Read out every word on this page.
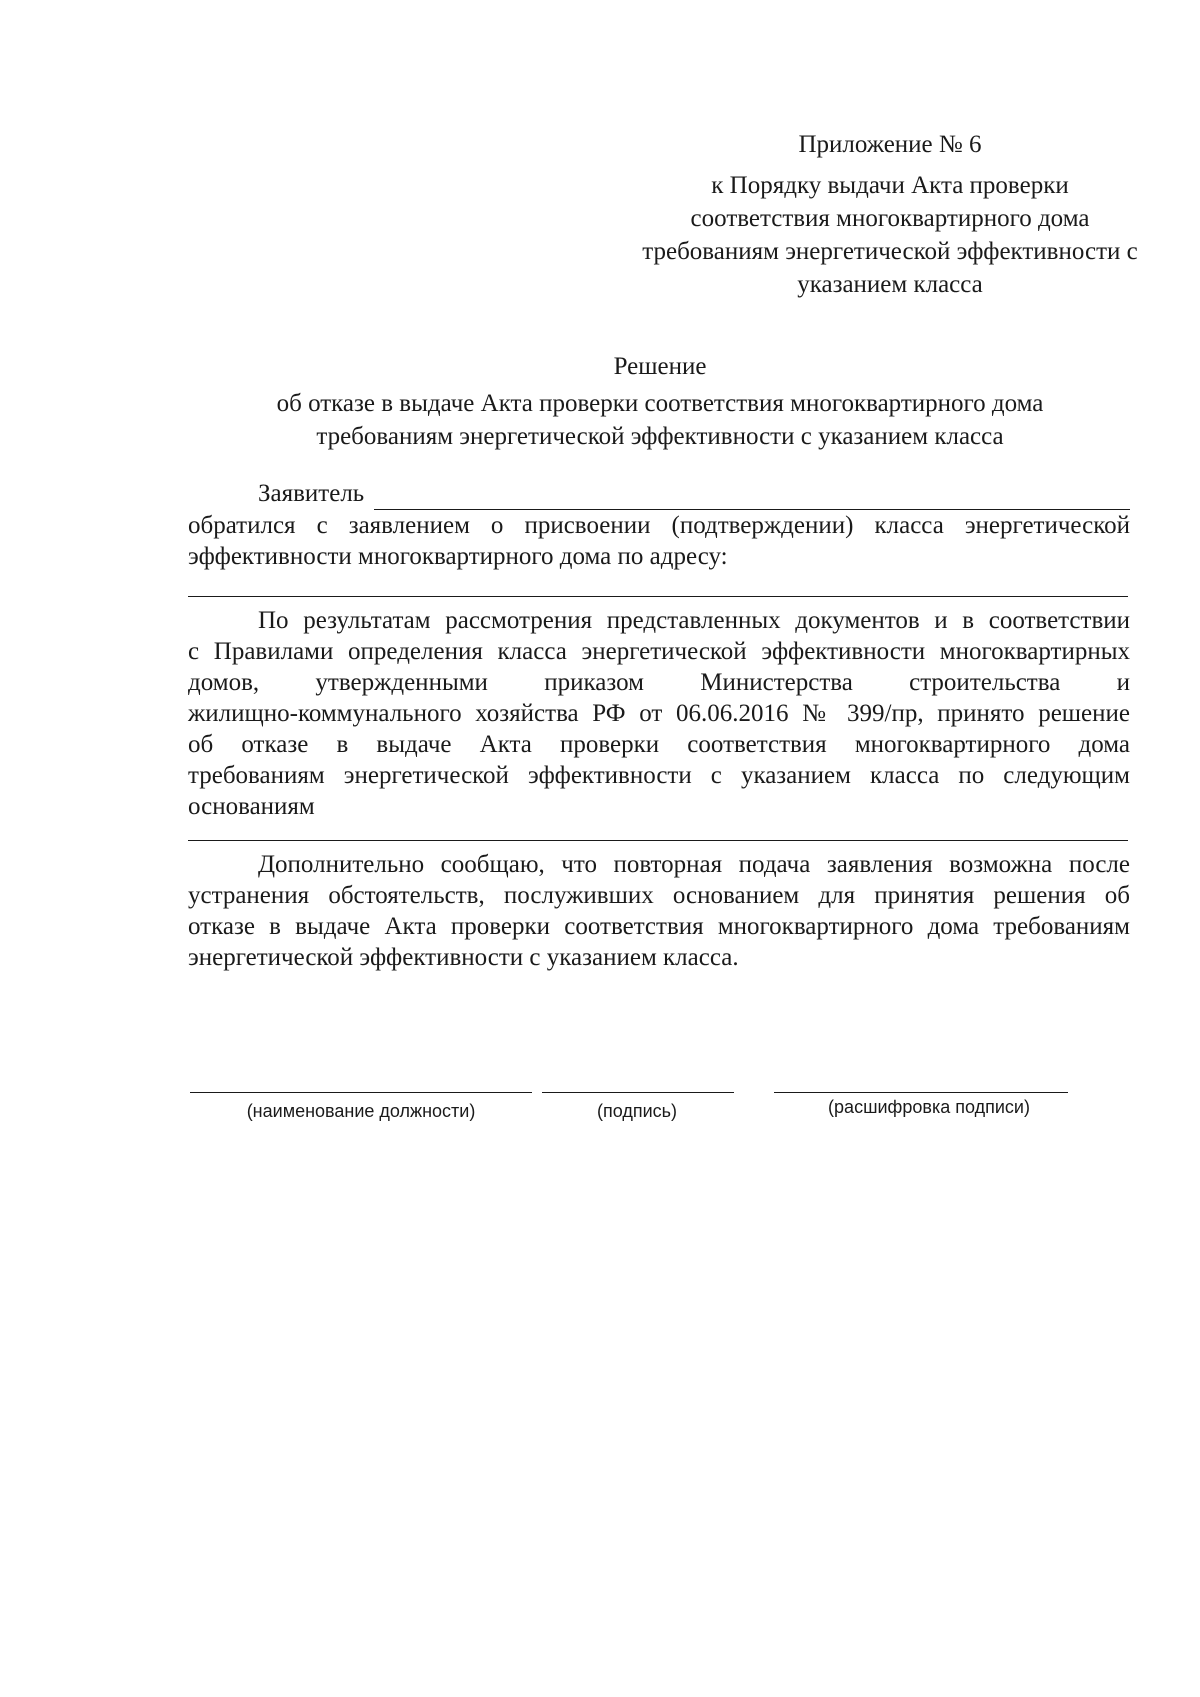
Приложение № 6
к Порядку выдачи Акта проверки
соответствия многоквартирного дома
требованиям энергетической эффективности с
указанием класса
Решение
об отказе в выдаче Акта проверки соответствия многоквартирного дома
требованиям энергетической эффективности с указанием класса
Заявитель
обратился с заявлением о присвоении (подтверждении) класса энергетической
эффективности многоквартирного дома по адресу:
По результатам рассмотрения представленных документов и в соответствии
с Правилами определения класса энергетической эффективности многоквартирных
домов, утвержденными приказом Министерства строительства и
жилищно-коммунального хозяйства РФ от 06.06.2016 № 399/пр, принято решение
об отказе в выдаче Акта проверки соответствия многоквартирного дома
требованиям энергетической эффективности с указанием класса по следующим
основаниям
Дополнительно сообщаю, что повторная подача заявления возможна после
устранения обстоятельств, послуживших основанием для принятия решения об
отказе в выдаче Акта проверки соответствия многоквартирного дома требованиям
энергетической эффективности с указанием класса.
(наименование должности)	(подпись)	(расшифровка подписи)
